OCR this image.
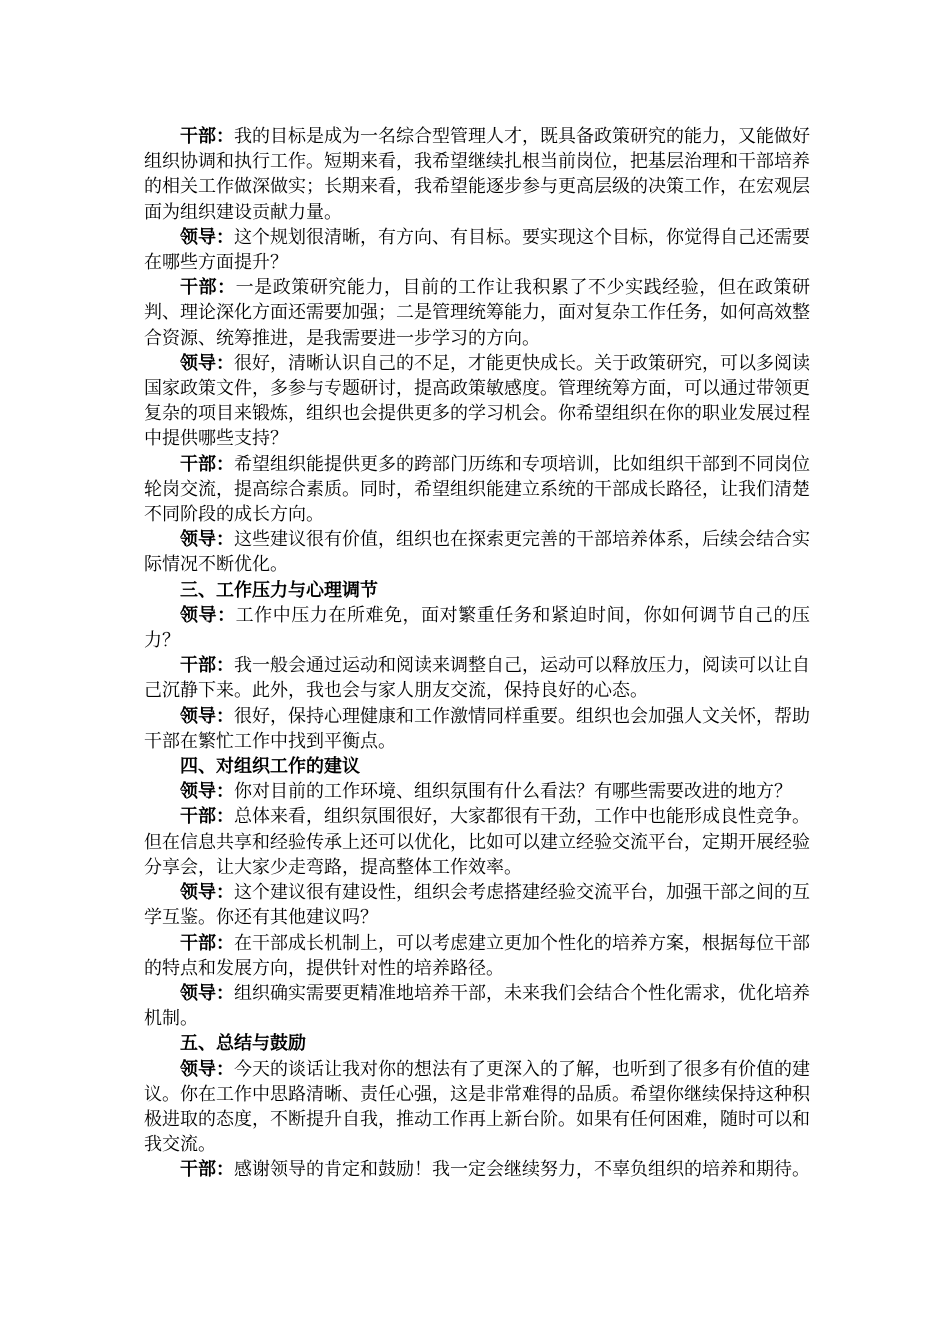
干部：我的目标是成为一名综合型管理人才，既具备政策研究的能力，又能做好组织协调和执行工作。短期来看，我希望继续扎根当前岗位，把基层治理和干部培养的相关工作做深做实；长期来看，我希望能逐步参与更高层级的决策工作，在宏观层面为组织建设贡献力量。

领导：这个规划很清晰，有方向、有目标。要实现这个目标，你觉得自己还需要在哪些方面提升？

干部：一是政策研究能力，目前的工作让我积累了不少实践经验，但在政策研判、理论深化方面还需要加强；二是管理统筹能力，面对复杂工作任务，如何高效整合资源、统筹推进，是我需要进一步学习的方向。

领导：很好，清晰认识自己的不足，才能更快成长。关于政策研究，可以多阅读国家政策文件，多参与专题研讨，提高政策敏感度。管理统筹方面，可以通过带领更复杂的项目来锻炼，组织也会提供更多的学习机会。你希望组织在你的职业发展过程中提供哪些支持？

干部：希望组织能提供更多的跨部门历练和专项培训，比如组织干部到不同岗位轮岗交流，提高综合素质。同时，希望组织能建立系统的干部成长路径，让我们清楚不同阶段的成长方向。

领导：这些建议很有价值，组织也在探索更完善的干部培养体系，后续会结合实际情况不断优化。

三、工作压力与心理调节

领导：工作中压力在所难免，面对繁重任务和紧迫时间，你如何调节自己的压力？

干部：我一般会通过运动和阅读来调整自己，运动可以释放压力，阅读可以让自己沉静下来。此外，我也会与家人朋友交流，保持良好的心态。

领导：很好，保持心理健康和工作激情同样重要。组织也会加强人文关怀，帮助干部在繁忙工作中找到平衡点。

四、对组织工作的建议

领导：你对目前的工作环境、组织氛围有什么看法？有哪些需要改进的地方？

干部：总体来看，组织氛围很好，大家都很有干劲，工作中也能形成良性竞争。但在信息共享和经验传承上还可以优化，比如可以建立经验交流平台，定期开展经验分享会，让大家少走弯路，提高整体工作效率。

领导：这个建议很有建设性，组织会考虑搭建经验交流平台，加强干部之间的互学互鉴。你还有其他建议吗？

干部：在干部成长机制上，可以考虑建立更加个性化的培养方案，根据每位干部的特点和发展方向，提供针对性的培养路径。

领导：组织确实需要更精准地培养干部，未来我们会结合个性化需求，优化培养机制。

五、总结与鼓励

领导：今天的谈话让我对你的想法有了更深入的了解，也听到了很多有价值的建议。你在工作中思路清晰、责任心强，这是非常难得的品质。希望你继续保持这种积极进取的态度，不断提升自我，推动工作再上新台阶。如果有任何困难，随时可以和我交流。

干部：感谢领导的肯定和鼓励！我一定会继续努力，不辜负组织的培养和期待。
